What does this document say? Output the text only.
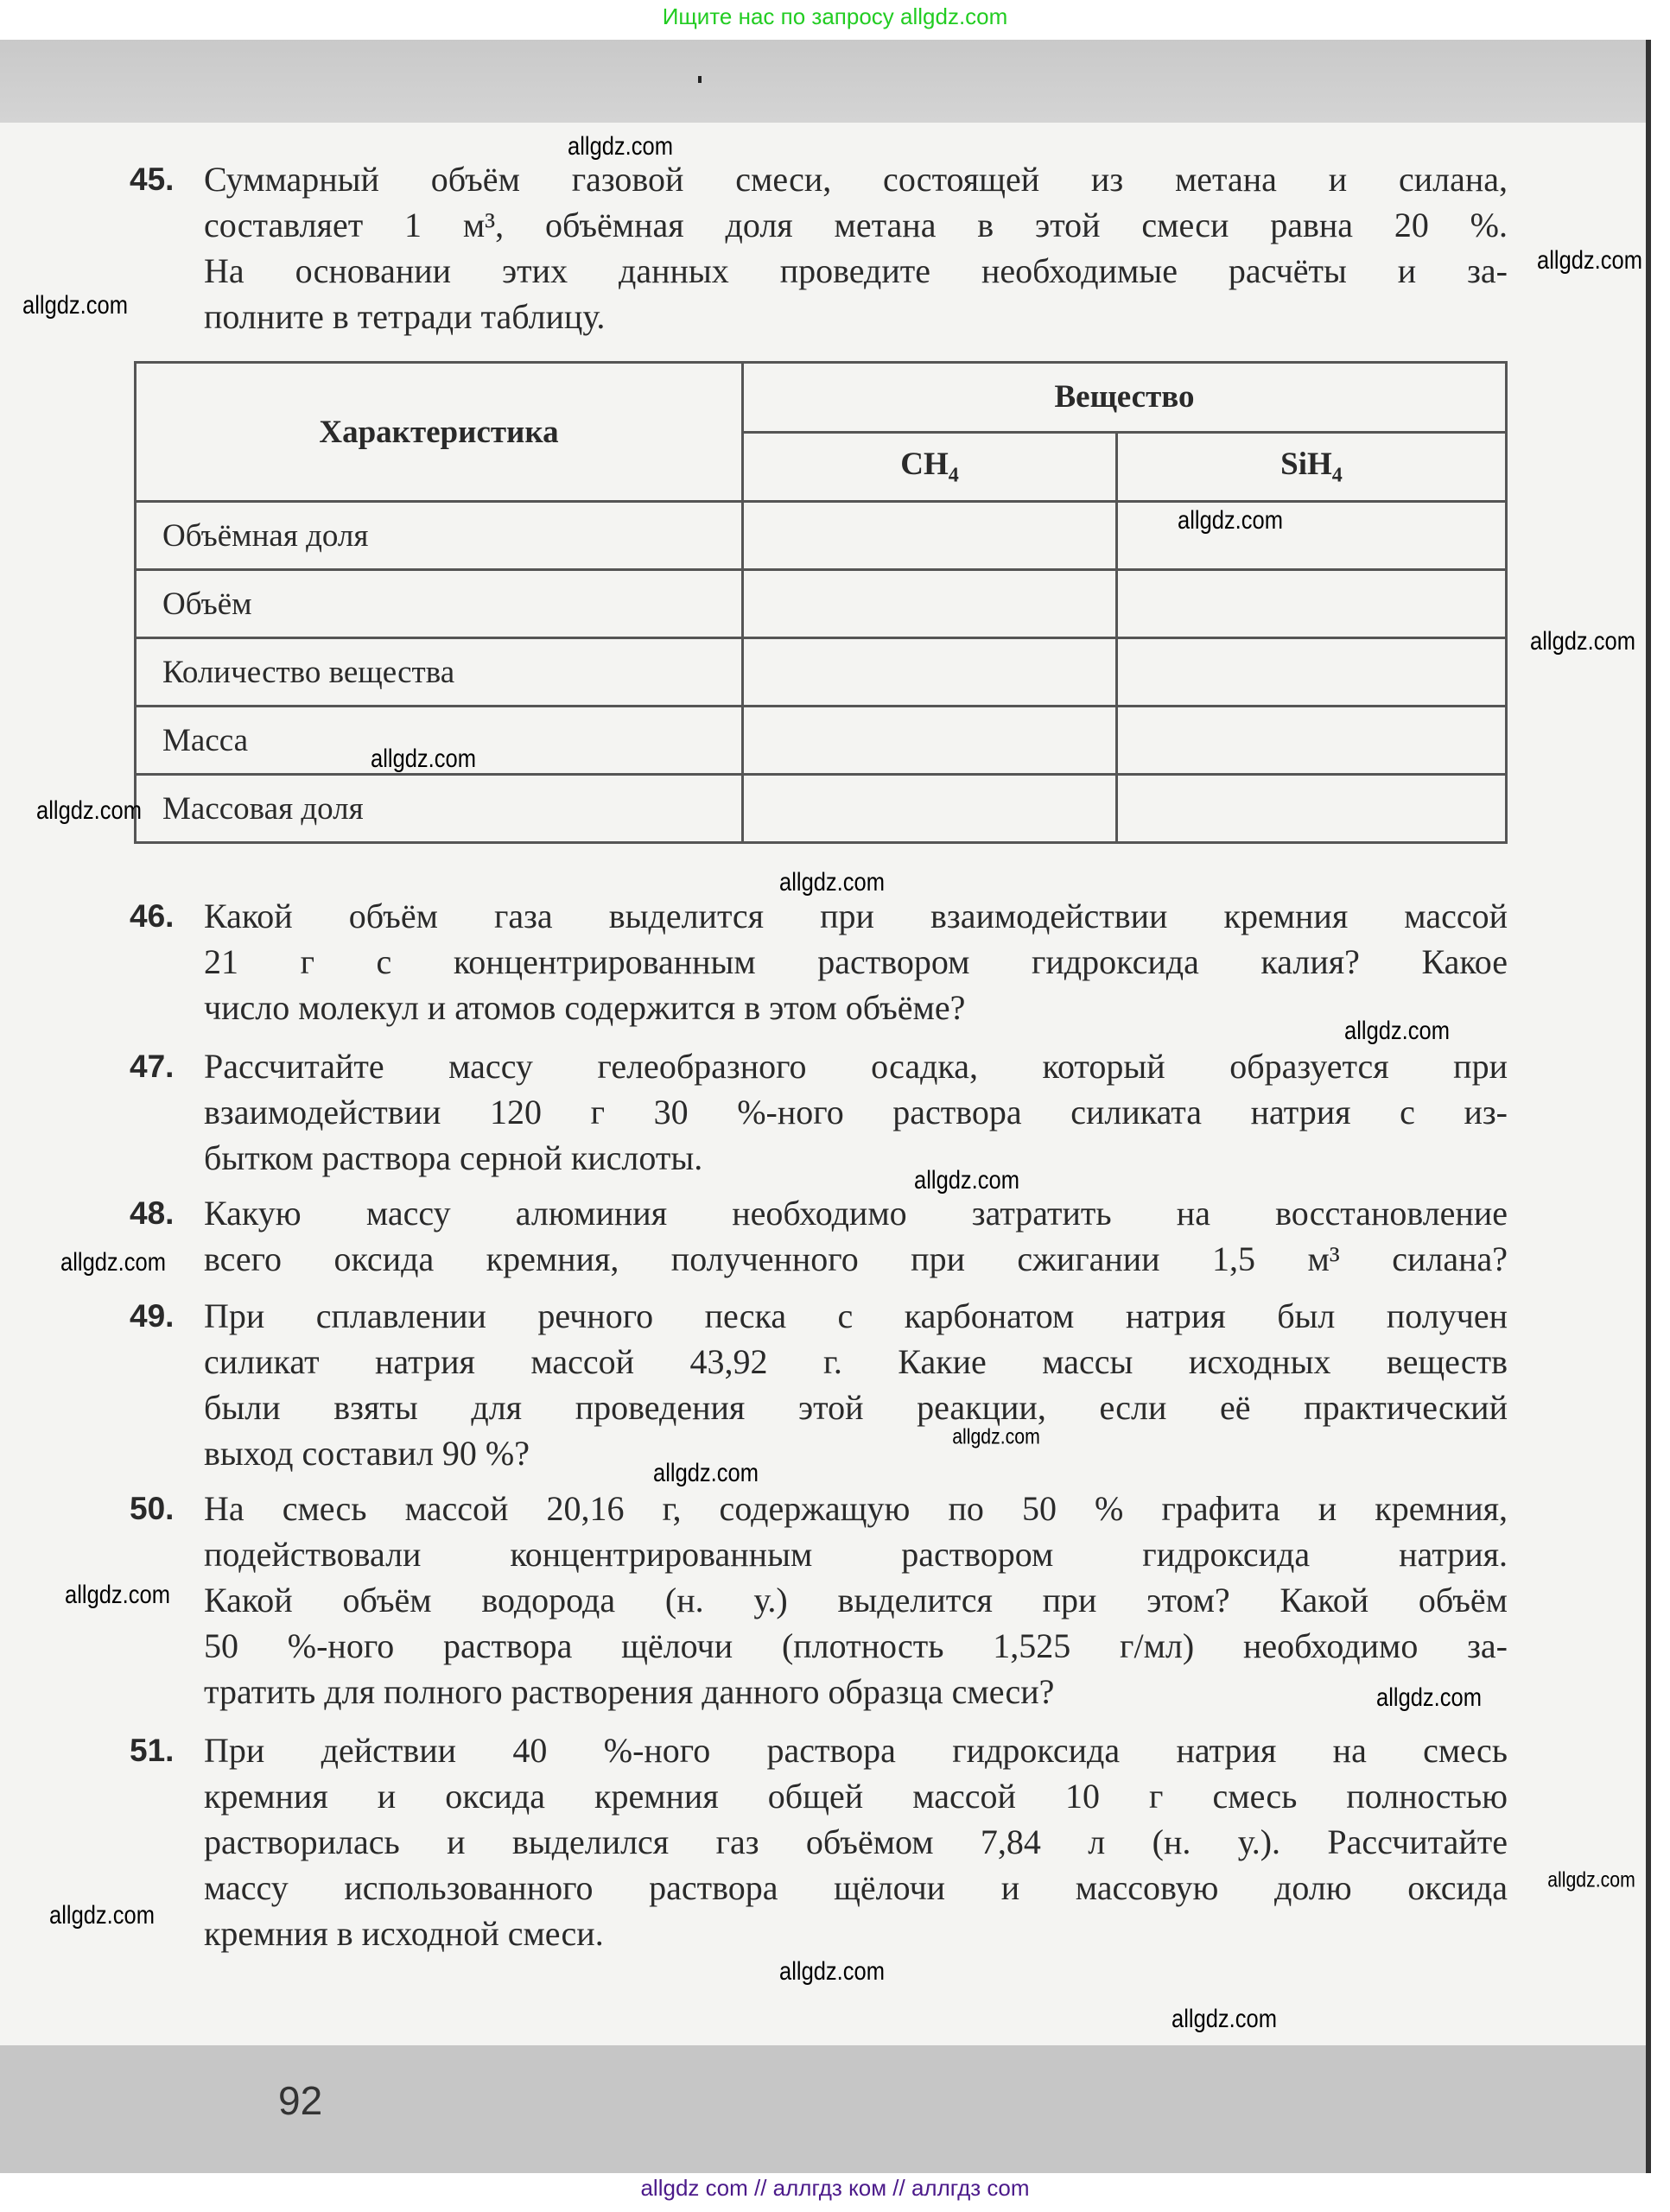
Ищите нас по запросу allgdz.com
92
45. Суммарный объём газовой смеси, состоящей из метана и силана,
составляет 1 м³, объёмная доля метана в этой смеси равна 20 %.
На основании этих данных проведите необходимые расчёты и за-
полните в тетради таблицу.
Характеристика	Вещество	
	$CH_4$	SiH$_4$
Объёмная доля		
Объём		
Количество вещества		
Масса		
Массовая доля		
46. Какой объём газа выделится при взаимодействии кремния массой
21 г с концентрированным раствором гидроксида калия? Какое
число молекул и атомов содержится в этом объёме?
47. Рассчитайте массу гелеобразного осадка, который образуется при
взаимодействии 120 г 30 %-ного раствора силиката натрия с из-
бытком раствора серной кислоты.
48. Какую массу алюминия необходимо затратить на восстановление
всего оксида кремния, полученного при сжигании 1,5 м³ силана?
49. При сплавлении речного песка с карбонатом натрия был получен
силикат натрия массой 43,92 г. Какие массы исходных веществ
были взяты для проведения этой реакции, если её практический
выход составил 90 %?
50. На смесь массой 20,16 г, содержащую по 50 % графита и кремния,
подействовали концентрированным раствором гидроксида натрия.
Какой объём водорода (н. у.) выделится при этом? Какой объём
50 %-ного раствора щёлочи (плотность 1,525 г/мл) необходимо за-
тратить для полного растворения данного образца смеси?
51. При действии 40 %-ного раствора гидроксида натрия на смесь
кремния и оксида кремния общей массой 10 г смесь полностью
растворилась и выделился газ объёмом 7,84 л (н. у.). Рассчитайте
массу использованного раствора щёлочи и массовую долю оксида
кремния в исходной смеси.
allgdz.com
allgdz.com
allgdz.com
allgdz.com
allgdz.com
allgdz.com
allgdz.com
allgdz.com
allgdz.com
allgdz.com
allgdz.com
allgdz.com
allgdz.com
allgdz.com
allgdz.com
allgdz.com
allgdz.com
allgdz.com
allgdz.com
allgdz com // аллгдз ком // аллгдз com
